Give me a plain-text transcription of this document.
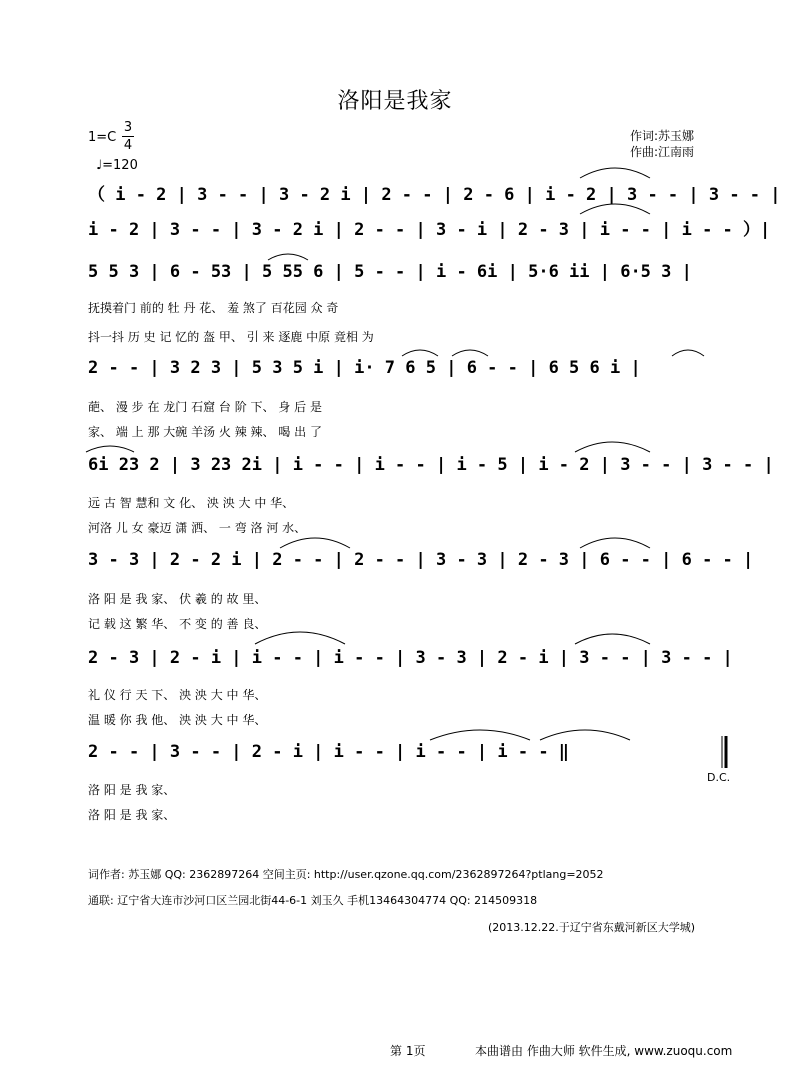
洛阳是我家
1=C
3
4
♩=120
作词:苏玉娜
作曲:江南雨
（ i - 2 | 3 - - | 3 - 2 i | 2 - - | 2 - 6 | i - 2 | 3 - - | 3 - - |
i - 2 | 3 - - | 3 - 2 i | 2 - - | 3 - i | 2 - 3 | i - - | i - - ）|
5 5 3 | 6 - 53 | 5 55 6 | 5 - - | i - 6i | 5·6 ii | 6·5 3 |
2 - - | 3 2 3 | 5 3 5 i | i· 7 6 5 | 6 - - | 6 5 6 i |
6i 23 2 | 3 23 2i | i - - | i - - | i - 5 | i - 2 | 3 - - | 3 - - |
3 - 3 | 2 - 2 i | 2 - - | 2 - - | 3 - 3 | 2 - 3 | 6 - - | 6 - - |
2 - 3 | 2 - i | i - - | i - - | 3 - 3 | 2 - i | 3 - - | 3 - - |
2 - - | 3 - - | 2 - i | i - - | i - - | i - - ‖
抚摸着门 前的 牡 丹 花、 羞 煞了 百花园 众 奇
抖一抖 历 史 记 忆的 盔 甲、 引 来 逐鹿 中原 竟相 为
葩、 漫 步 在 龙门 石窟 台 阶 下、 身 后 是
家、 端 上 那 大碗 羊汤 火 辣 辣、 喝 出 了
远 古 智 慧和 文 化、 泱 泱 大 中 华、
河洛 儿 女 豪迈 潇 洒、 一 弯 洛 河 水、
洛 阳 是 我 家、 伏 羲 的 故 里、
记 载 这 繁 华、 不 变 的 善 良、
礼 仪 行 天 下、 泱 泱 大 中 华、
温 暖 你 我 他、 泱 泱 大 中 华、
洛 阳 是 我 家、
洛 阳 是 我 家、
D.C.
词作者: 苏玉娜 QQ: 2362897264 空间主页: http://user.qzone.qq.com/2362897264?ptlang=2052
通联: 辽宁省大连市沙河口区兰园北街44-6-1 刘玉久 手机13464304774 QQ: 214509318
(2013.12.22.于辽宁省东戴河新区大学城)
第 1页	本曲谱由 作曲大师 软件生成, www.zuoqu.com
